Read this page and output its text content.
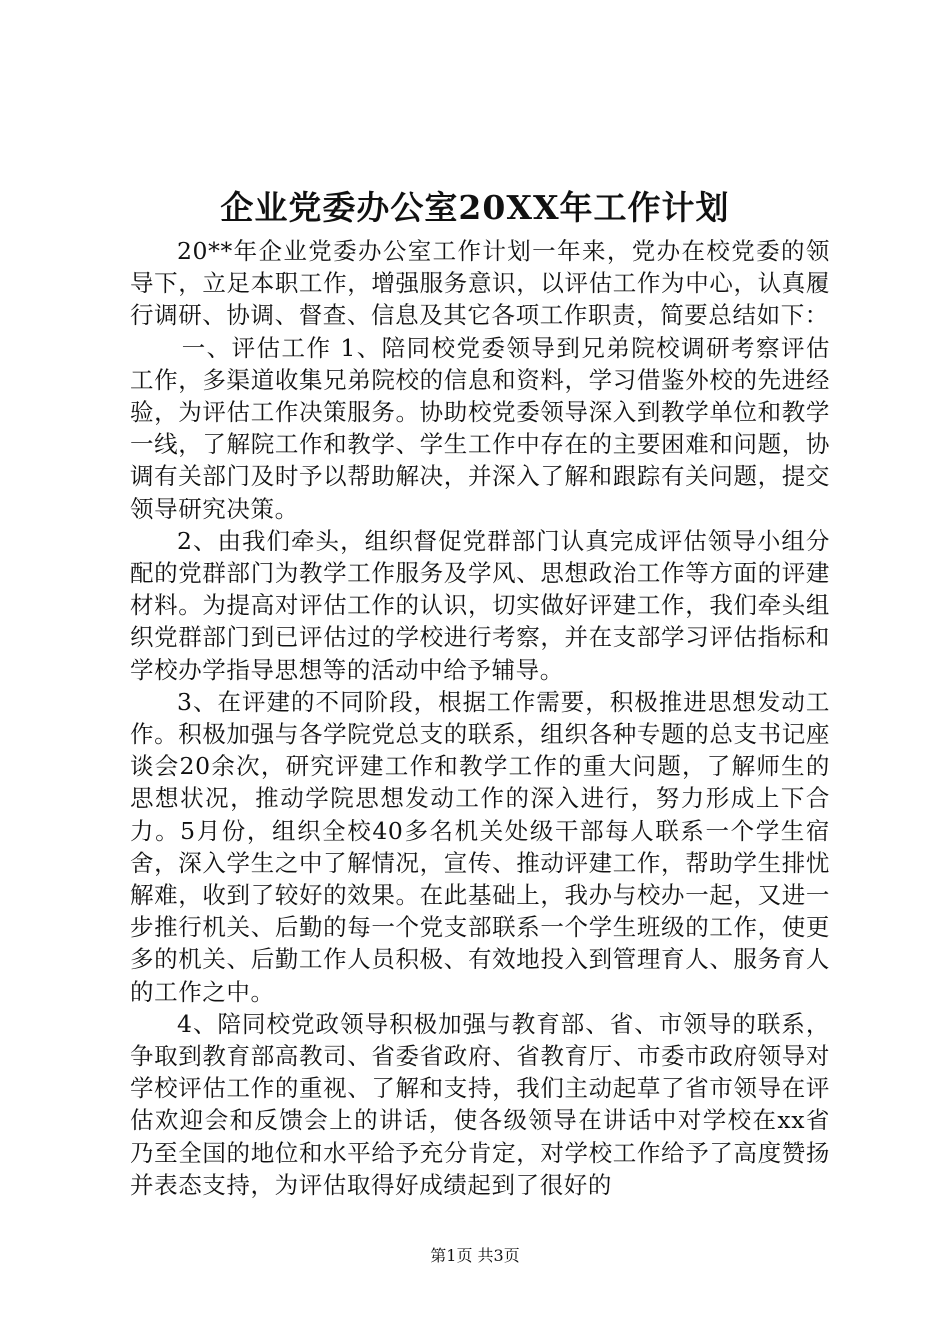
企业党委办公室20XX年工作计划

20**年企业党委办公室工作计划一年来，党办在校党委的领导下，立足本职工作，增强服务意识，以评估工作为中心，认真履行调研、协调、督查、信息及其它各项工作职责，简要总结如下：

一、评估工作 1、陪同校党委领导到兄弟院校调研考察评估工作，多渠道收集兄弟院校的信息和资料，学习借鉴外校的先进经验，为评估工作决策服务。协助校党委领导深入到教学单位和教学一线，了解院工作和教学、学生工作中存在的主要困难和问题，协调有关部门及时予以帮助解决，并深入了解和跟踪有关问题，提交领导研究决策。

2、由我们牵头，组织督促党群部门认真完成评估领导小组分配的党群部门为教学工作服务及学风、思想政治工作等方面的评建材料。为提高对评估工作的认识，切实做好评建工作，我们牵头组织党群部门到已评估过的学校进行考察，并在支部学习评估指标和学校办学指导思想等的活动中给予辅导。

3、在评建的不同阶段，根据工作需要，积极推进思想发动工作。积极加强与各学院党总支的联系，组织各种专题的总支书记座谈会20余次，研究评建工作和教学工作的重大问题，了解师生的思想状况，推动学院思想发动工作的深入进行，努力形成上下合力。5月份，组织全校40多名机关处级干部每人联系一个学生宿舍，深入学生之中了解情况，宣传、推动评建工作，帮助学生排忧解难，收到了较好的效果。在此基础上，我办与校办一起，又进一步推行机关、后勤的每一个党支部联系一个学生班级的工作，使更多的机关、后勤工作人员积极、有效地投入到管理育人、服务育人的工作之中。

4、陪同校党政领导积极加强与教育部、省、市领导的联系，争取到教育部高教司、省委省政府、省教育厅、市委市政府领导对学校评估工作的重视、了解和支持，我们主动起草了省市领导在评估欢迎会和反馈会上的讲话，使各级领导在讲话中对学校在xx省乃至全国的地位和水平给予充分肯定，对学校工作给予了高度赞扬并表态支持，为评估取得好成绩起到了很好的

第1页 共3页
